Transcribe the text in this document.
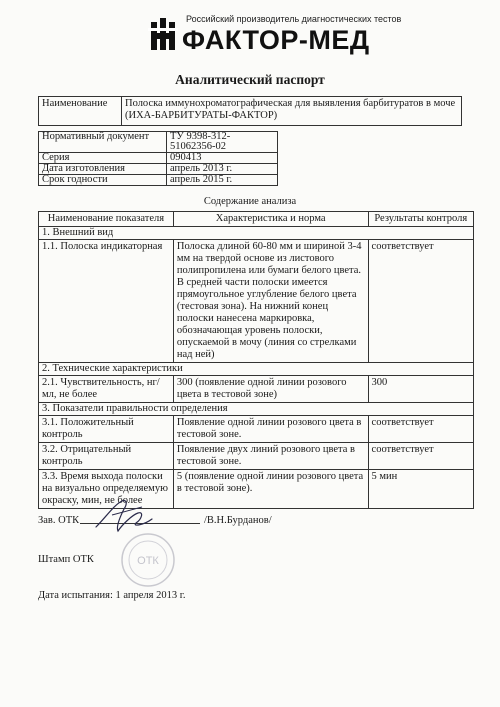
Российский производитель диагностических тестов
ФАКТОР-МЕД
Аналитический паспорт
Наименование	Полоска иммунохроматографическая для выявления барбитуратов в моче (ИХА-БАРБИТУРАТЫ-ФАКТОР)
Нормативный документ	ТУ 9398-312-51062356-02
Серия	090413
Дата изготовления	апрель 2013 г.
Срок годности	апрель 2015 г.
Содержание анализа
Наименование показателя	Характеристика и норма	Результаты контроля
1. Внешний вид		
1.1. Полоска индикаторная	Полоска длиной 60-80 мм и шириной 3-4 мм на твердой основе из листового полипропилена или бумаги белого цвета. В средней части полоски имеется прямоугольное углубление белого цвета (тестовая зона). На нижний конец полоски нанесена маркировка, обозначающая уровень полоски, опускаемой в мочу (линия со стрелками над ней)	соответствует
2. Технические характеристики		
2.1. Чувствительность, нг/мл, не более	300 (появление одной линии розового цвета в тестовой зоне)	300
3. Показатели правильности определения		
3.1. Положительный контроль	Появление одной линии розового цвета в тестовой зоне.	соответствует
3.2. Отрицательный контроль	Появление двух линий розового цвета в тестовой зоне.	соответствует
3.3. Время выхода полоски на визуально определяемую окраску, мин, не более	5 (появление одной линии розового цвета в тестовой зоне).	5 мин
Зав. ОТК	/В.Н.Бурданов/
Штамп ОТК	ОТК
Дата испытания: 1 апреля 2013 г.
